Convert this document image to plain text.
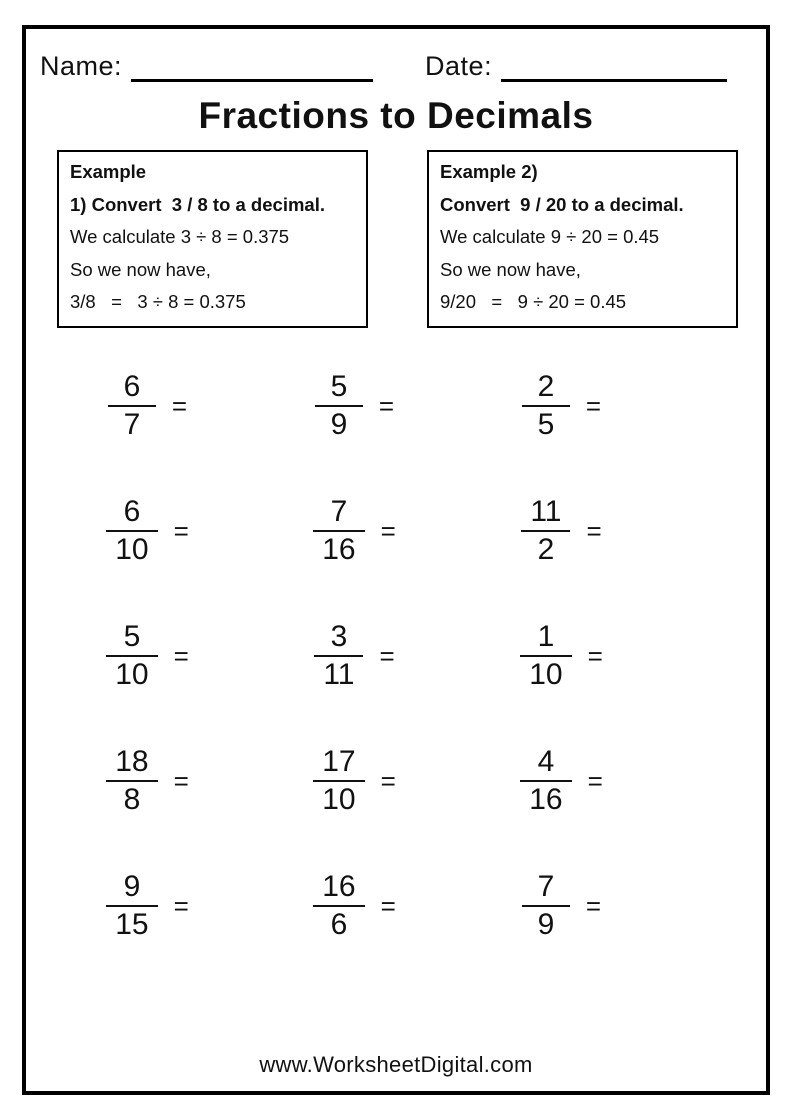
Name:	Date:
Fractions to Decimals
Example
1) Convert  3 / 8 to a decimal.
We calculate 3 ÷ 8 = 0.375
So we now have,
3/8   =   3 ÷ 8 = 0.375
Example 2)
Convert  9 / 20 to a decimal.
We calculate 9 ÷ 20 = 0.45
So we now have,
9/20   =   9 ÷ 20 = 0.45
$\frac{6}{7}$ =	$\frac{5}{9}$ =	$\frac{2}{5}$ =
$\frac{6}{10}$ =	$\frac{7}{16}$ =	$\frac{11}{2}$ =
$\frac{5}{10}$ =	$\frac{3}{11}$ =	$\frac{1}{10}$ =
$\frac{18}{8}$ =	$\frac{17}{10}$ =	$\frac{4}{16}$ =
$\frac{9}{15}$ =	$\frac{16}{6}$ =	$\frac{7}{9}$ =
www.WorksheetDigital.com
